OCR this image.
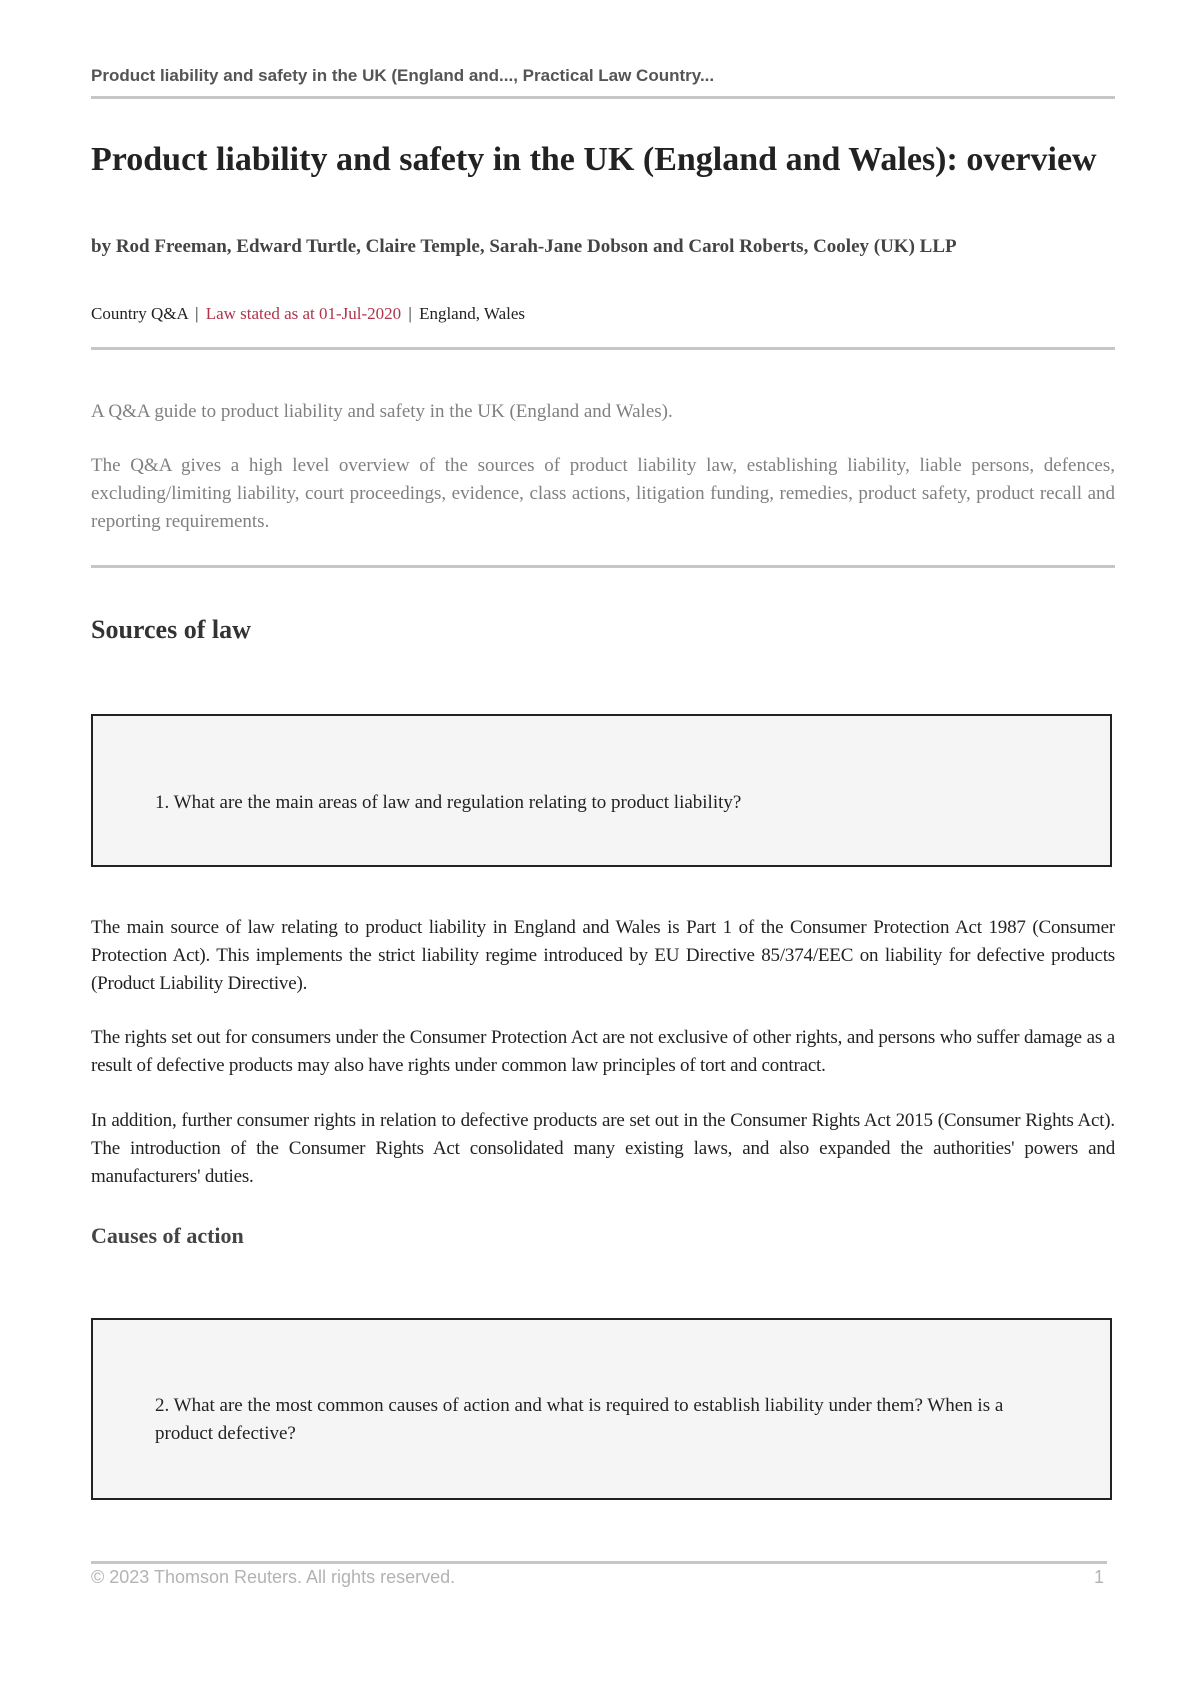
Product liability and safety in the UK (England and..., Practical Law Country...
Product liability and safety in the UK (England and Wales): overview
by Rod Freeman, Edward Turtle, Claire Temple, Sarah-Jane Dobson and Carol Roberts, Cooley (UK) LLP
Country Q&A | Law stated as at 01-Jul-2020 | England, Wales

A Q&A guide to product liability and safety in the UK (England and Wales).

The Q&A gives a high level overview of the sources of product liability law, establishing liability, liable persons, defences, excluding/limiting liability, court proceedings, evidence, class actions, litigation funding, remedies, product safety, product recall and reporting requirements.

Sources of law
1. What are the main areas of law and regulation relating to product liability?

The main source of law relating to product liability in England and Wales is Part 1 of the Consumer Protection Act 1987 (Consumer Protection Act). This implements the strict liability regime introduced by EU Directive 85/374/EEC on liability for defective products (Product Liability Directive).

The rights set out for consumers under the Consumer Protection Act are not exclusive of other rights, and persons who suffer damage as a result of defective products may also have rights under common law principles of tort and contract.

In addition, further consumer rights in relation to defective products are set out in the Consumer Rights Act 2015 (Consumer Rights Act). The introduction of the Consumer Rights Act consolidated many existing laws, and also expanded the authorities' powers and manufacturers' duties.

Causes of action
2. What are the most common causes of action and what is required to establish liability under them? When is a product defective?
© 2023 Thomson Reuters. All rights reserved.	1
